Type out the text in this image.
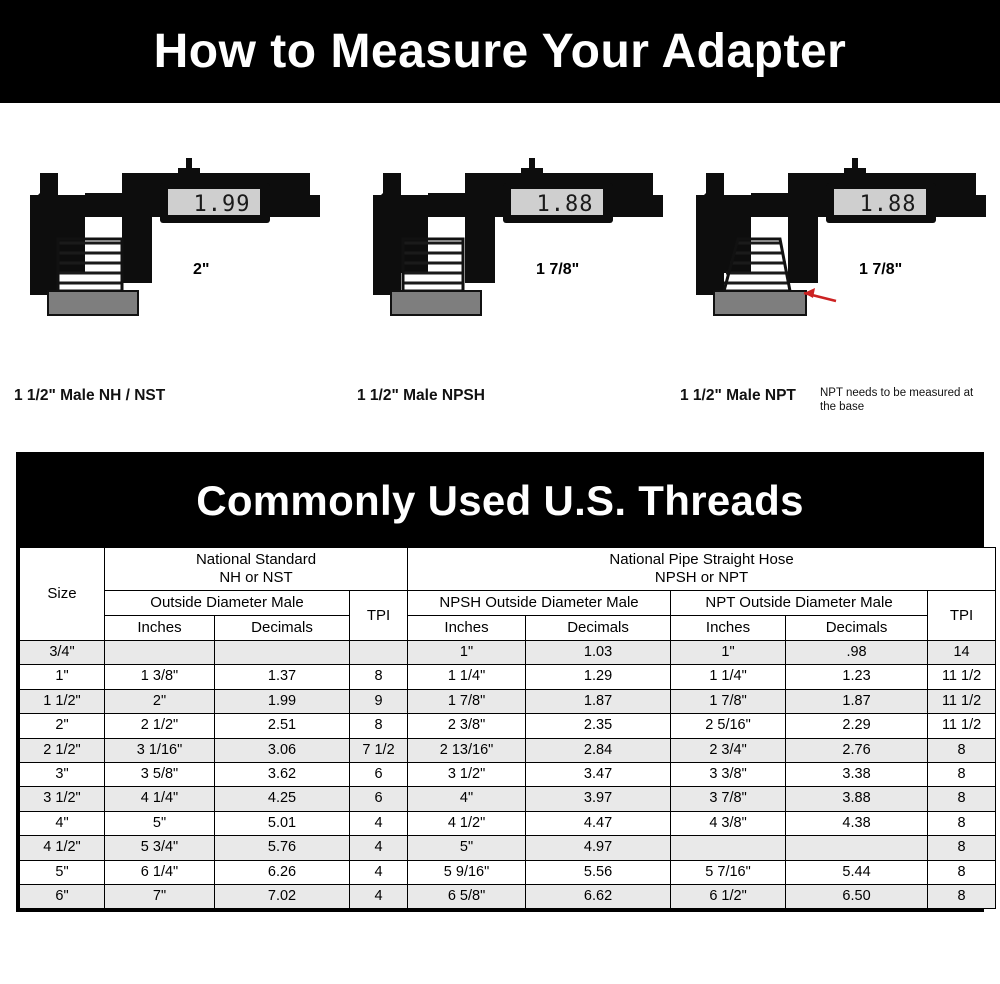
How to Measure Your Adapter
2"
1.99
1 1/2" Male NH / NST
1 7/8"
1.88
1 1/2" Male NPSH
1 7/8"
1.88
1 1/2" Male NPT NPT needs to be measured at the base
Commonly Used U.S. Threads
Size	
National Standard
NH or NST

National Pipe Straight Hose
NPSH or NPT

	Outside Diameter Male		TPI	NPSH Outside Diameter Male		NPT Outside Diameter Male		TPI
	Inches	Decimals		Inches	Decimals	Inches	Decimals	
3/4"				1"	1.03	1"	.98	14
1"	1 3/8"	1.37	8	1 1/4"	1.29	1 1/4"	1.23	11 1/2
1 1/2"	2"	1.99	9	1 7/8"	1.87	1 7/8"	1.87	11 1/2
2"	2 1/2"	2.51	8	2 3/8"	2.35	2 5/16"	2.29	11 1/2
2 1/2"	3 1/16"	3.06	7 1/2	2 13/16"	2.84	2 3/4"	2.76	8
3"	3 5/8"	3.62	6	3 1/2"	3.47	3 3/8"	3.38	8
3 1/2"	4 1/4"	4.25	6	4"	3.97	3 7/8"	3.88	8
4"	5"	5.01	4	4 1/2"	4.47	4 3/8"	4.38	8
4 1/2"	5 3/4"	5.76	4	5"	4.97			8
5"	6 1/4"	6.26	4	5 9/16"	5.56	5 7/16"	5.44	8
6"	7"	7.02	4	6 5/8"	6.62	6 1/2"	6.50	8
